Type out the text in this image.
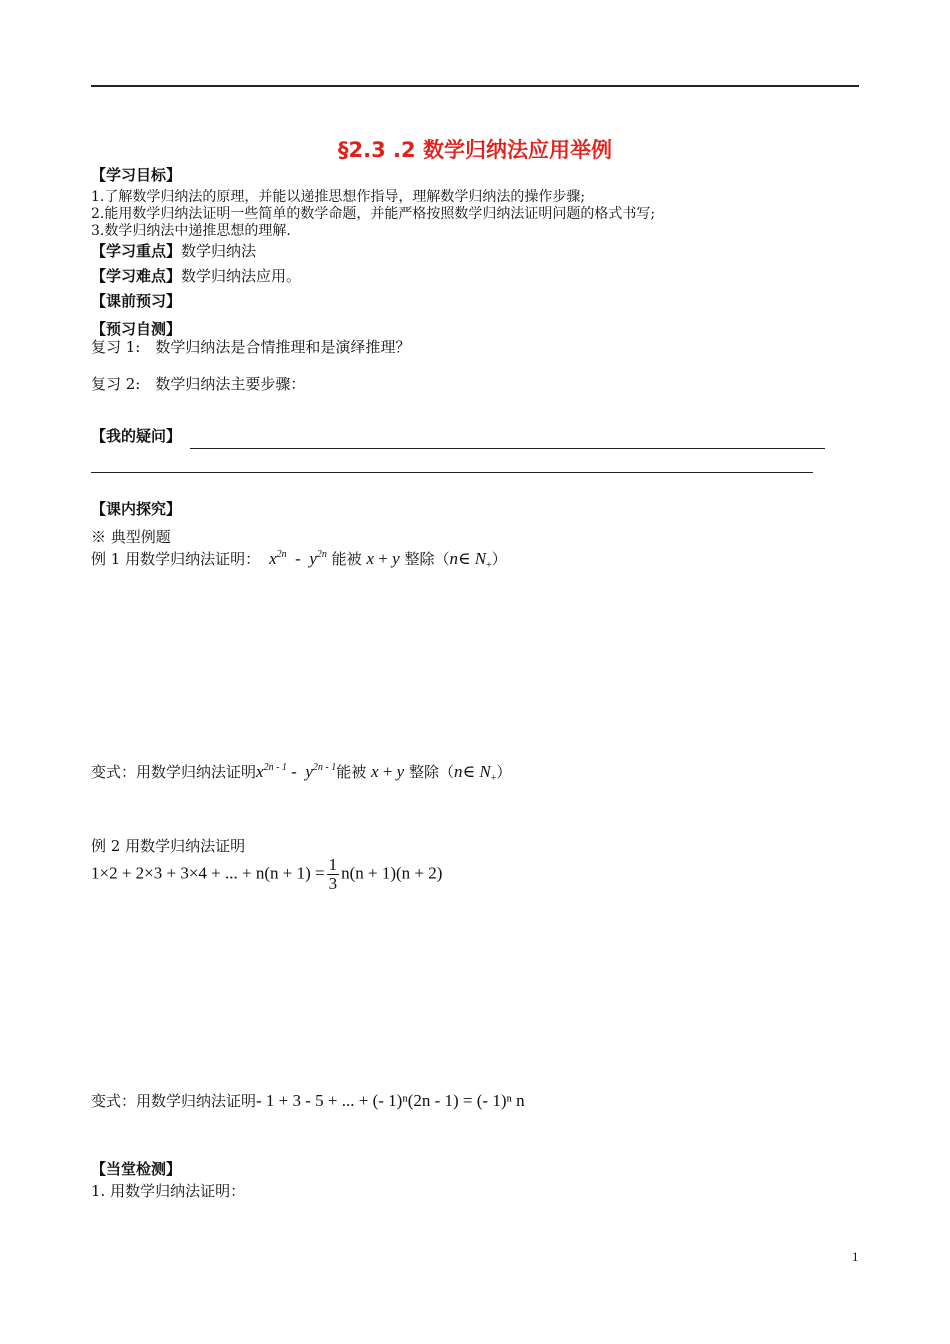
§2.3 .2 数学归纳法应用举例
【学习目标】
1.了解数学归纳法的原理，并能以递推思想作指导，理解数学归纳法的操作步骤;
2.能用数学归纳法证明一些简单的数学命题，并能严格按照数学归纳法证明问题的格式书写;
3.数学归纳法中递推思想的理解.
【学习重点】数学归纳法
【学习难点】数学归纳法应用。
【课前预习】
【预习自测】
复习 1:　数学归纳法是合情推理和是演绎推理？
复习 2:　数学归纳法主要步骤：
【我的疑问】
【课内探究】
※ 典型例题
例 1 用数学归纳法证明： $x^{2n} - y^{2n}$ 能被 x + y 整除（n∈ $N_+$）
变式：用数学归纳法证明$x^{2n - 1} - y^{2n - 1}$能被 x + y 整除（n∈ $N_+$）
例 2 用数学归纳法证明
1×2 + 2×3 + 3×4 + ... + $n(n + 1) = \frac{1}{3} n(n + 1)(n + 2)$
变式：用数学归纳法证明- 1 + 3 - 5 + ... + (- 1)ⁿ(2n - 1) = (- 1)ⁿ n
【当堂检测】
1. 用数学归纳法证明：
1
